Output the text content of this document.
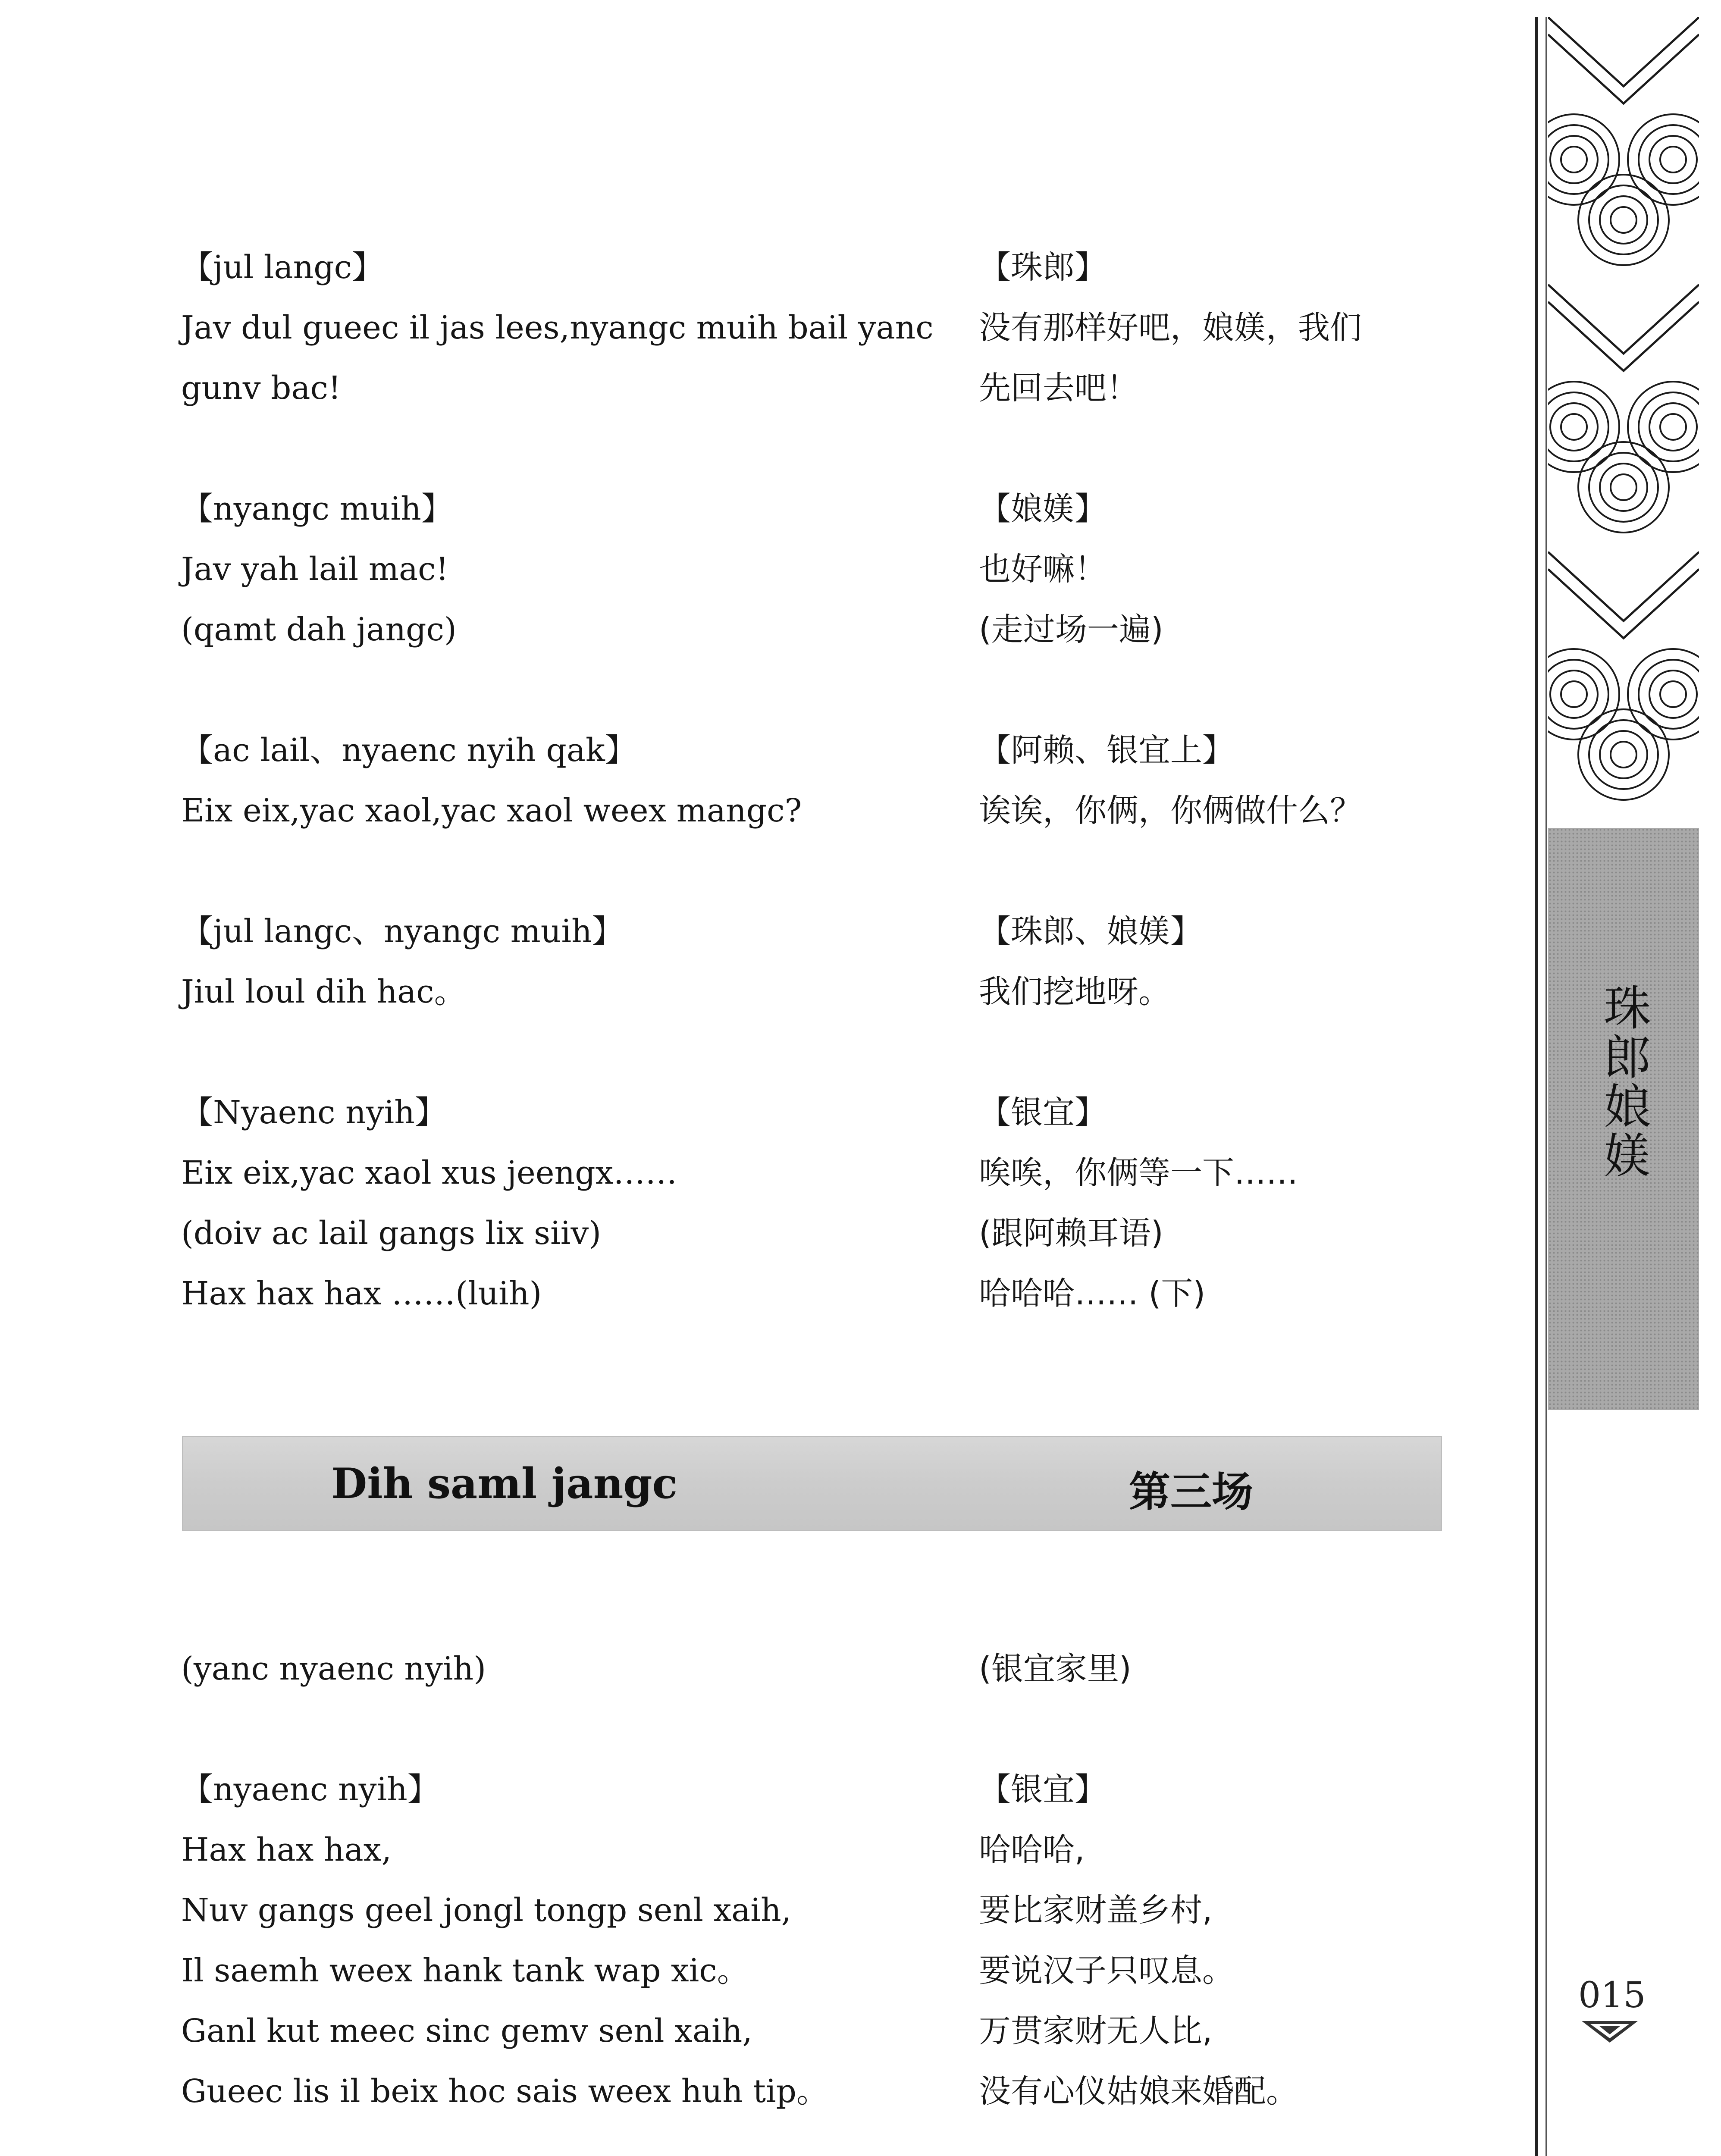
【jul langc】
Jav dul gueec il jas lees,nyangc muih bail yanc gunv bac!
【nyangc muih】
Jav yah lail mac!
(qamt dah jangc)
【ac lail、nyaenc nyih qak】
Eix eix,yac xaol,yac xaol weex mangc?
【jul langc、nyangc muih】
Jiul loul dih hac。
【Nyaenc nyih】
Eix eix,yac xaol xus jeengx……
(doiv ac lail gangs lix siiv)
Hax hax hax ……(luih)
【珠郎】
没有那样好吧，娘媄，我们
先回去吧！
【娘媄】
也好嘛！
(走过场一遍)
【阿赖、银宜上】
诶诶，你俩，你俩做什么？
【珠郎、娘媄】
我们挖地呀。
【银宜】
唉唉，你俩等一下……
(跟阿赖耳语)
哈哈哈…… (下)
Dih saml jangc	第三场
(yanc nyaenc nyih)
【nyaenc nyih】
Hax hax hax,
Nuv gangs geel jongl tongp senl xaih,
Il saemh weex hank tank wap xic。
Ganl kut meec sinc gemv senl xaih,
Gueec lis il beix hoc sais weex huh tip。
(银宜家里)
【银宜】
哈哈哈,
要比家财盖乡村,
要说汉子只叹息。
万贯家财无人比,
没有心仪姑娘来婚配。
珠郎娘媄
015
